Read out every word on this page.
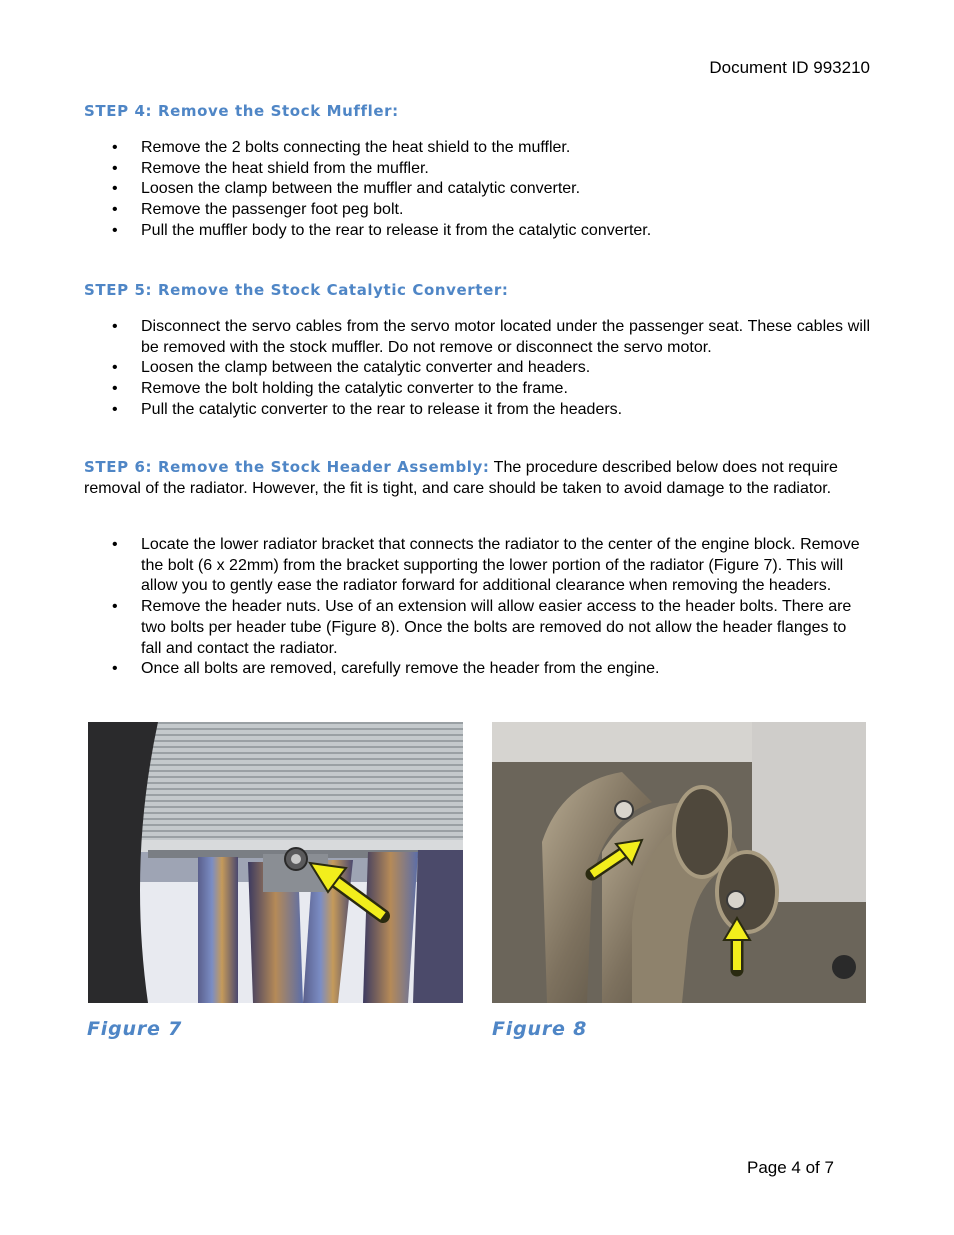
Document ID 993210
STEP 4: Remove the Stock Muffler:
• Remove the 2 bolts connecting the heat shield to the muffler.
• Remove the heat shield from the muffler.
• Loosen the clamp between the muffler and catalytic converter.
• Remove the passenger foot peg bolt.
• Pull the muffler body to the rear to release it from the catalytic converter.
STEP 5: Remove the Stock Catalytic Converter:
• Disconnect the servo cables from the servo motor located under the passenger seat. These cables will be removed with the stock muffler. Do not remove or disconnect the servo motor.
• Loosen the clamp between the catalytic converter and headers.
• Remove the bolt holding the catalytic converter to the frame.
• Pull the catalytic converter to the rear to release it from the headers.
STEP 6: Remove the Stock Header Assembly: The procedure described below does not require removal of the radiator. However, the fit is tight, and care should be taken to avoid damage to the radiator.
• Locate the lower radiator bracket that connects the radiator to the center of the engine block. Remove the bolt (6 x 22mm) from the bracket supporting the lower portion of the radiator (Figure 7). This will allow you to gently ease the radiator forward for additional clearance when removing the headers.
• Remove the header nuts. Use of an extension will allow easier access to the header bolts. There are two bolts per header tube (Figure 8). Once the bolts are removed do not allow the header flanges to fall and contact the radiator.
• Once all bolts are removed, carefully remove the header from the engine.
Figure 7	Figure 8
Page 4 of 7
